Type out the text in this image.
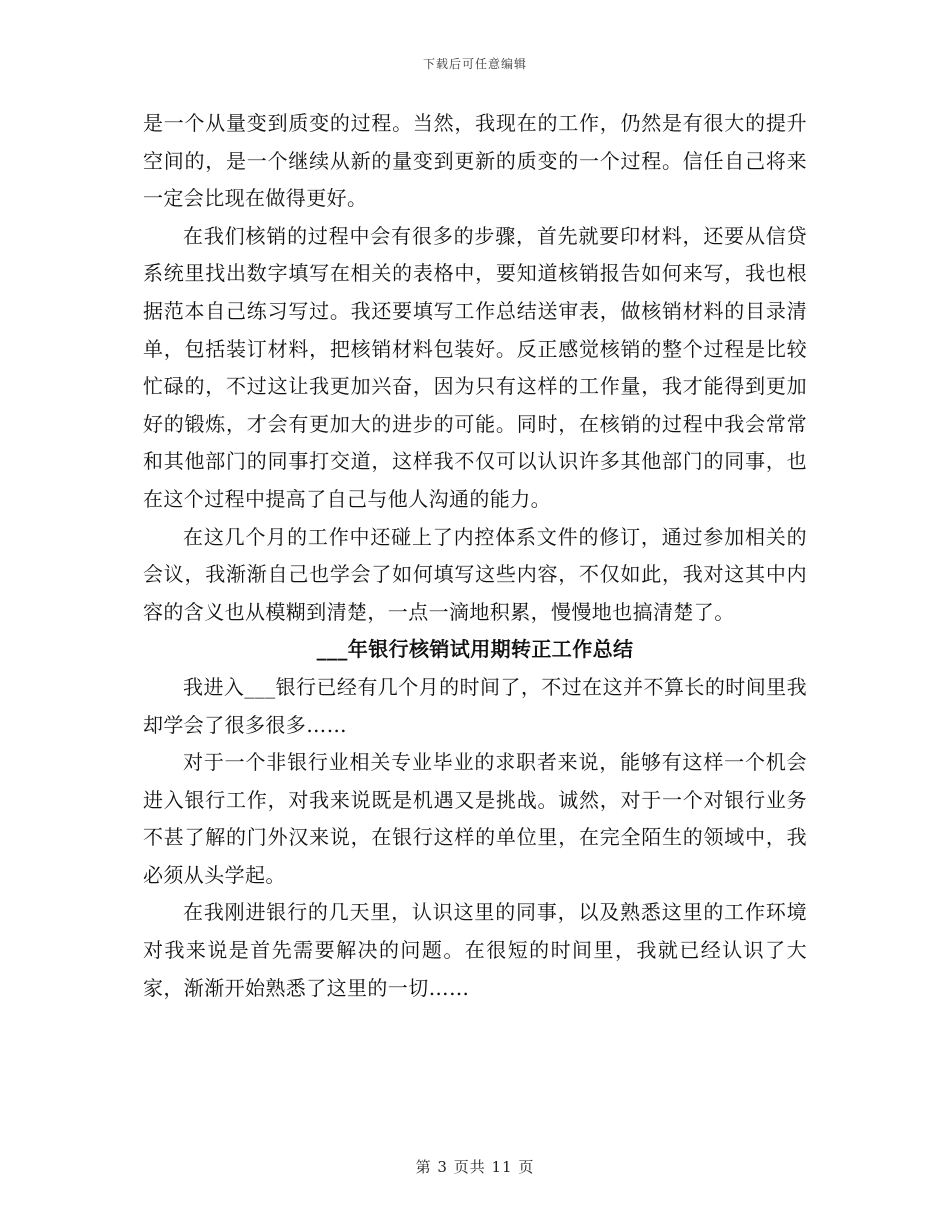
下载后可任意编辑

是一个从量变到质变的过程。当然，我现在的工作，仍然是有很大的提升空间的，是一个继续从新的量变到更新的质变的一个过程。信任自己将来一定会比现在做得更好。

在我们核销的过程中会有很多的步骤，首先就要印材料，还要从信贷系统里找出数字填写在相关的表格中，要知道核销报告如何来写，我也根据范本自己练习写过。我还要填写工作总结送审表，做核销材料的目录清单，包括装订材料，把核销材料包装好。反正感觉核销的整个过程是比较忙碌的，不过这让我更加兴奋，因为只有这样的工作量，我才能得到更加好的锻炼，才会有更加大的进步的可能。同时，在核销的过程中我会常常和其他部门的同事打交道，这样我不仅可以认识许多其他部门的同事，也在这个过程中提高了自己与他人沟通的能力。

在这几个月的工作中还碰上了内控体系文件的修订，通过参加相关的会议，我渐渐自己也学会了如何填写这些内容，不仅如此，我对这其中内容的含义也从模糊到清楚，一点一滴地积累，慢慢地也搞清楚了。

___年银行核销试用期转正工作总结

我进入___银行已经有几个月的时间了，不过在这并不算长的时间里我却学会了很多很多……

对于一个非银行业相关专业毕业的求职者来说，能够有这样一个机会进入银行工作，对我来说既是机遇又是挑战。诚然，对于一个对银行业务不甚了解的门外汉来说，在银行这样的单位里，在完全陌生的领域中，我必须从头学起。

在我刚进银行的几天里，认识这里的同事，以及熟悉这里的工作环境对我来说是首先需要解决的问题。在很短的时间里，我就已经认识了大家，渐渐开始熟悉了这里的一切……

第 3 页共 11 页
